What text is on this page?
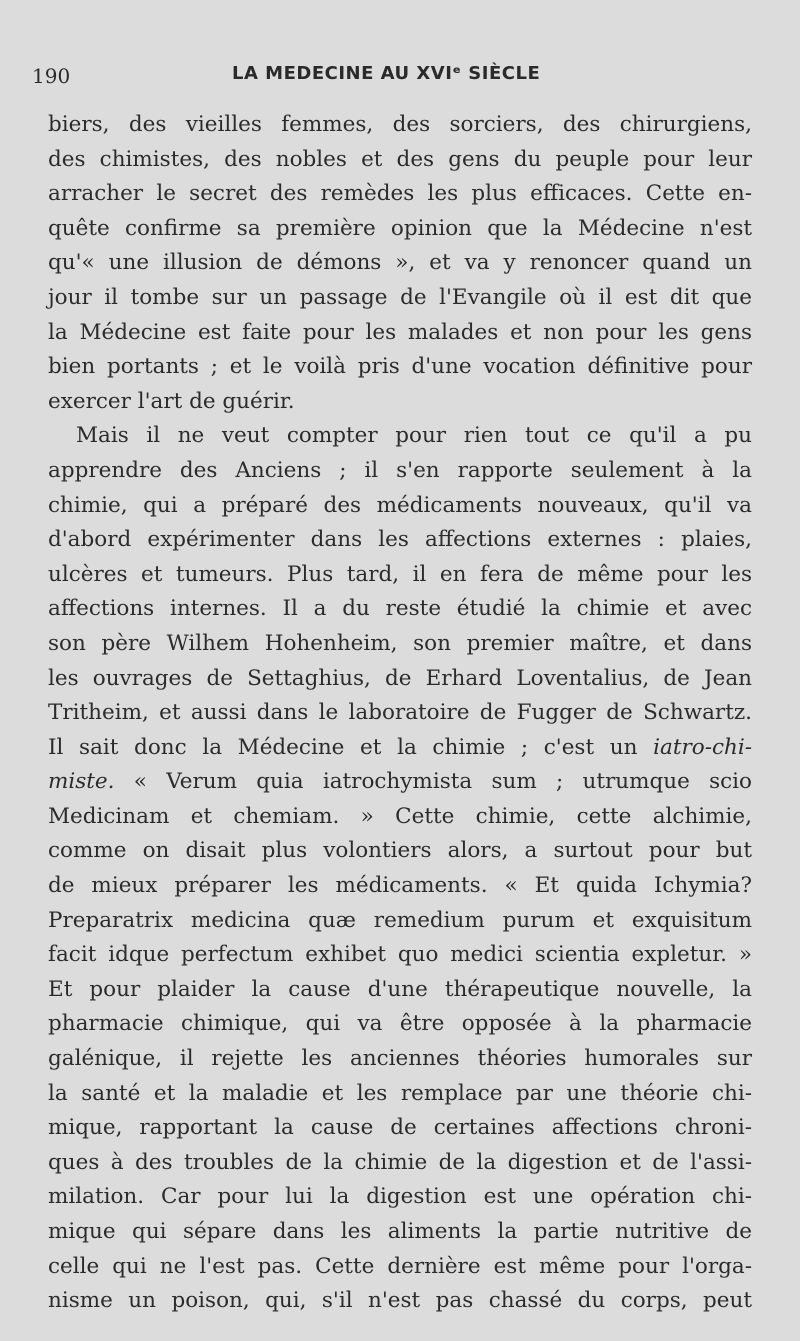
190	LA MEDECINE AU XVIᵉ SIÈCLE
biers, des vieilles femmes, des sorciers, des chirurgiens,
des chimistes, des nobles et des gens du peuple pour leur
arracher le secret des remèdes les plus efficaces. Cette en-
quête confirme sa première opinion que la Médecine n'est
qu'« une illusion de démons », et va y renoncer quand un
jour il tombe sur un passage de l'Evangile où il est dit que
la Médecine est faite pour les malades et non pour les gens
bien portants ; et le voilà pris d'une vocation définitive pour
exercer l'art de guérir.
Mais il ne veut compter pour rien tout ce qu'il a pu
apprendre des Anciens ; il s'en rapporte seulement à la
chimie, qui a préparé des médicaments nouveaux, qu'il va
d'abord expérimenter dans les affections externes : plaies,
ulcères et tumeurs. Plus tard, il en fera de même pour les
affections internes. Il a du reste étudié la chimie et avec
son père Wilhem Hohenheim, son premier maître, et dans
les ouvrages de Settaghius, de Erhard Loventalius, de Jean
Tritheim, et aussi dans le laboratoire de Fugger de Schwartz.
Il sait donc la Médecine et la chimie ; c'est un iatro-chi-
miste. « Verum quia iatrochymista sum ; utrumque scio
Medicinam et chemiam. » Cette chimie, cette alchimie,
comme on disait plus volontiers alors, a surtout pour but
de mieux préparer les médicaments. « Et quida Ichymia?
Preparatrix medicina quæ remedium purum et exquisitum
facit idque perfectum exhibet quo medici scientia expletur. »
Et pour plaider la cause d'une thérapeutique nouvelle, la
pharmacie chimique, qui va être opposée à la pharmacie
galénique, il rejette les anciennes théories humorales sur
la santé et la maladie et les remplace par une théorie chi-
mique, rapportant la cause de certaines affections chroni-
ques à des troubles de la chimie de la digestion et de l'assi-
milation. Car pour lui la digestion est une opération chi-
mique qui sépare dans les aliments la partie nutritive de
celle qui ne l'est pas. Cette dernière est même pour l'orga-
nisme un poison, qui, s'il n'est pas chassé du corps, peut
